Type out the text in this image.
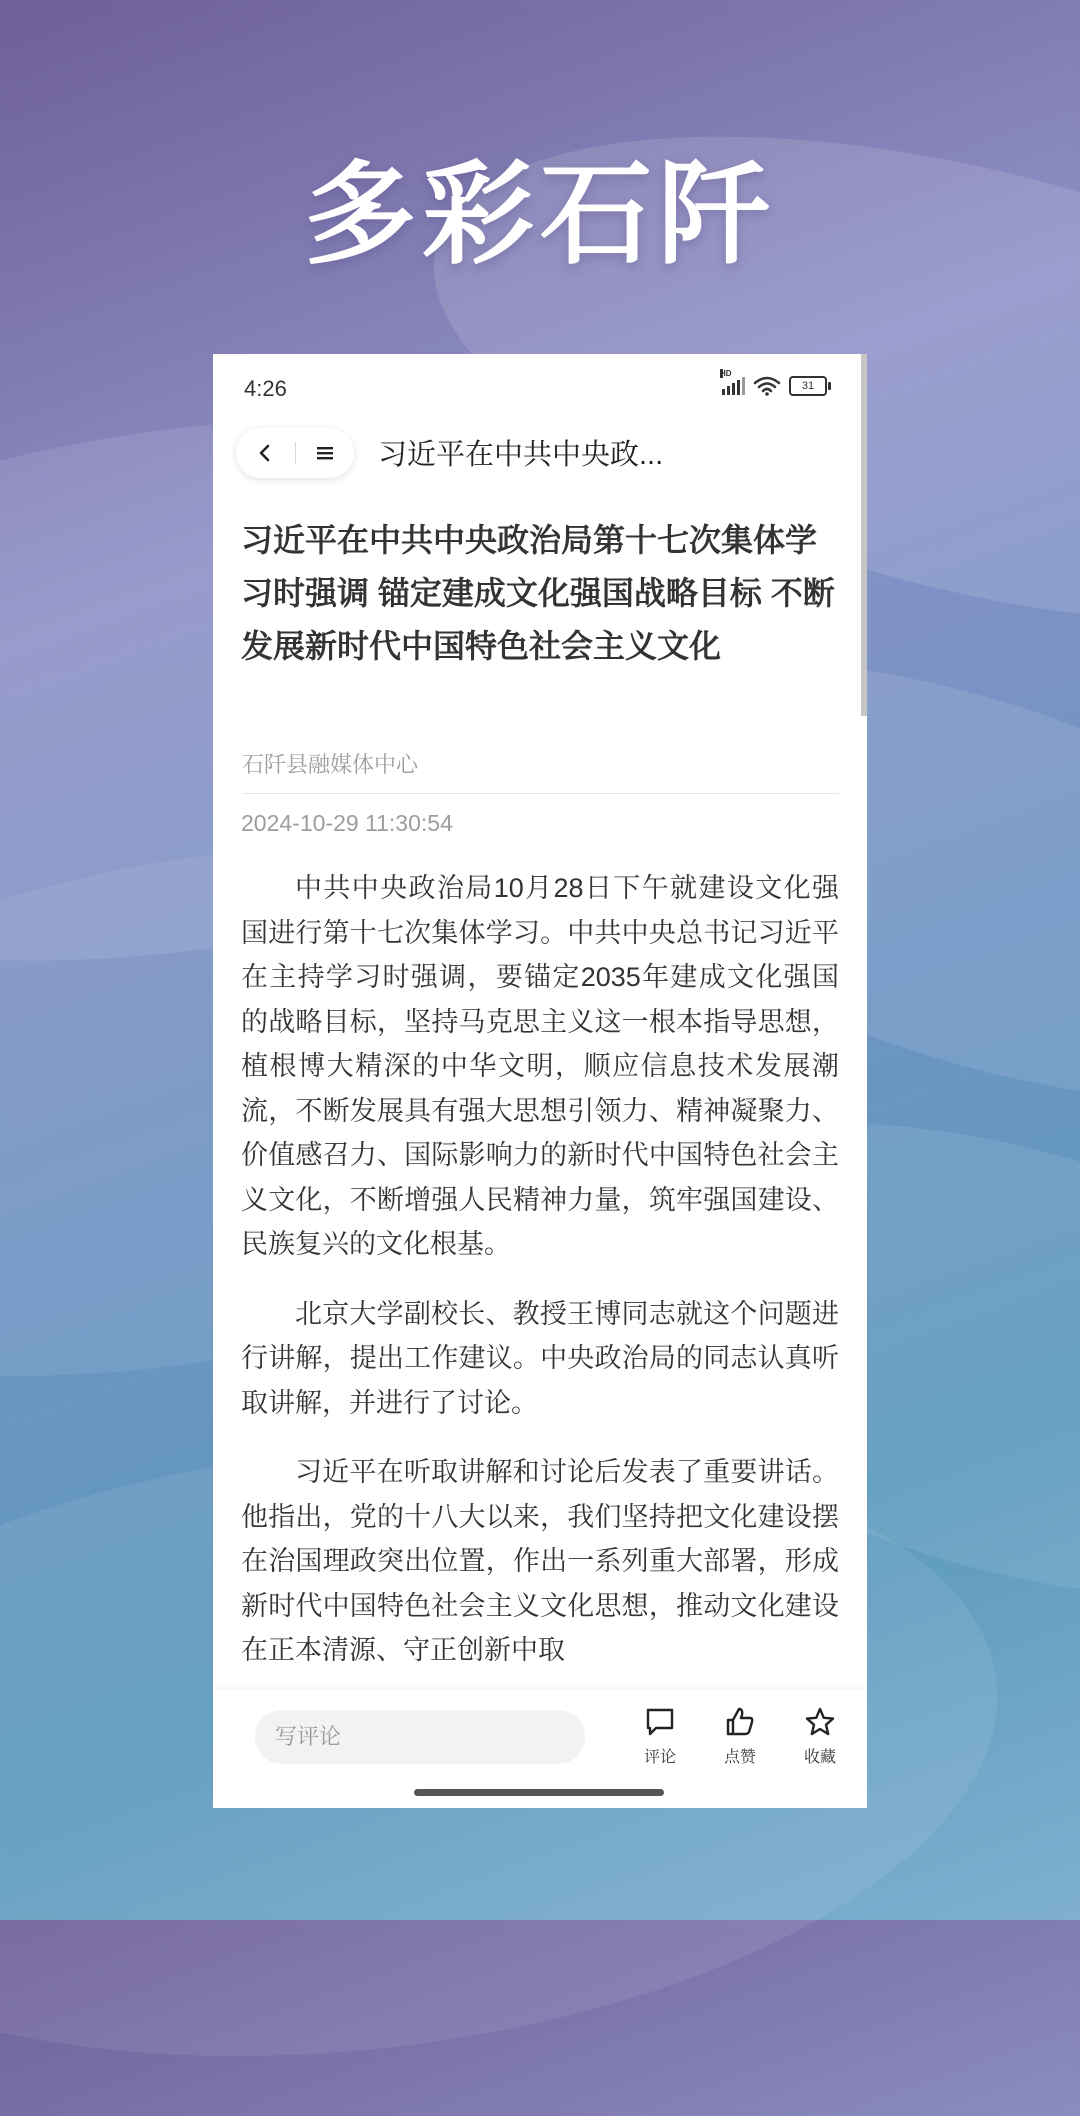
多彩石阡
4:26
HD
31
习近平在中共中央政...
习近平在中共中央政治局第十七次集体学习时强调 锚定建成文化强国战略目标 不断发展新时代中国特色社会主义文化
石阡县融媒体中心
2024-10-29 11:30:54

中共中央政治局10月28日下午就建设文化强国进行第十七次集体学习。中共中央总书记习近平在主持学习时强调，要锚定2035年建成文化强国的战略目标，坚持马克思主义这一根本指导思想，植根博大精深的中华文明，顺应信息技术发展潮流，不断发展具有强大思想引领力、精神凝聚力、价值感召力、国际影响力的新时代中国特色社会主义文化，不断增强人民精神力量，筑牢强国建设、民族复兴的文化根基。

北京大学副校长、教授王博同志就这个问题进行讲解，提出工作建议。中央政治局的同志认真听取讲解，并进行了讨论。

习近平在听取讲解和讨论后发表了重要讲话。他指出，党的十八大以来，我们坚持把文化建设摆在治国理政突出位置，作出一系列重大部署，形成新时代中国特色社会主义文化思想，推动文化建设在正本清源、守正创新中取

写评论
评论	点赞	收藏
